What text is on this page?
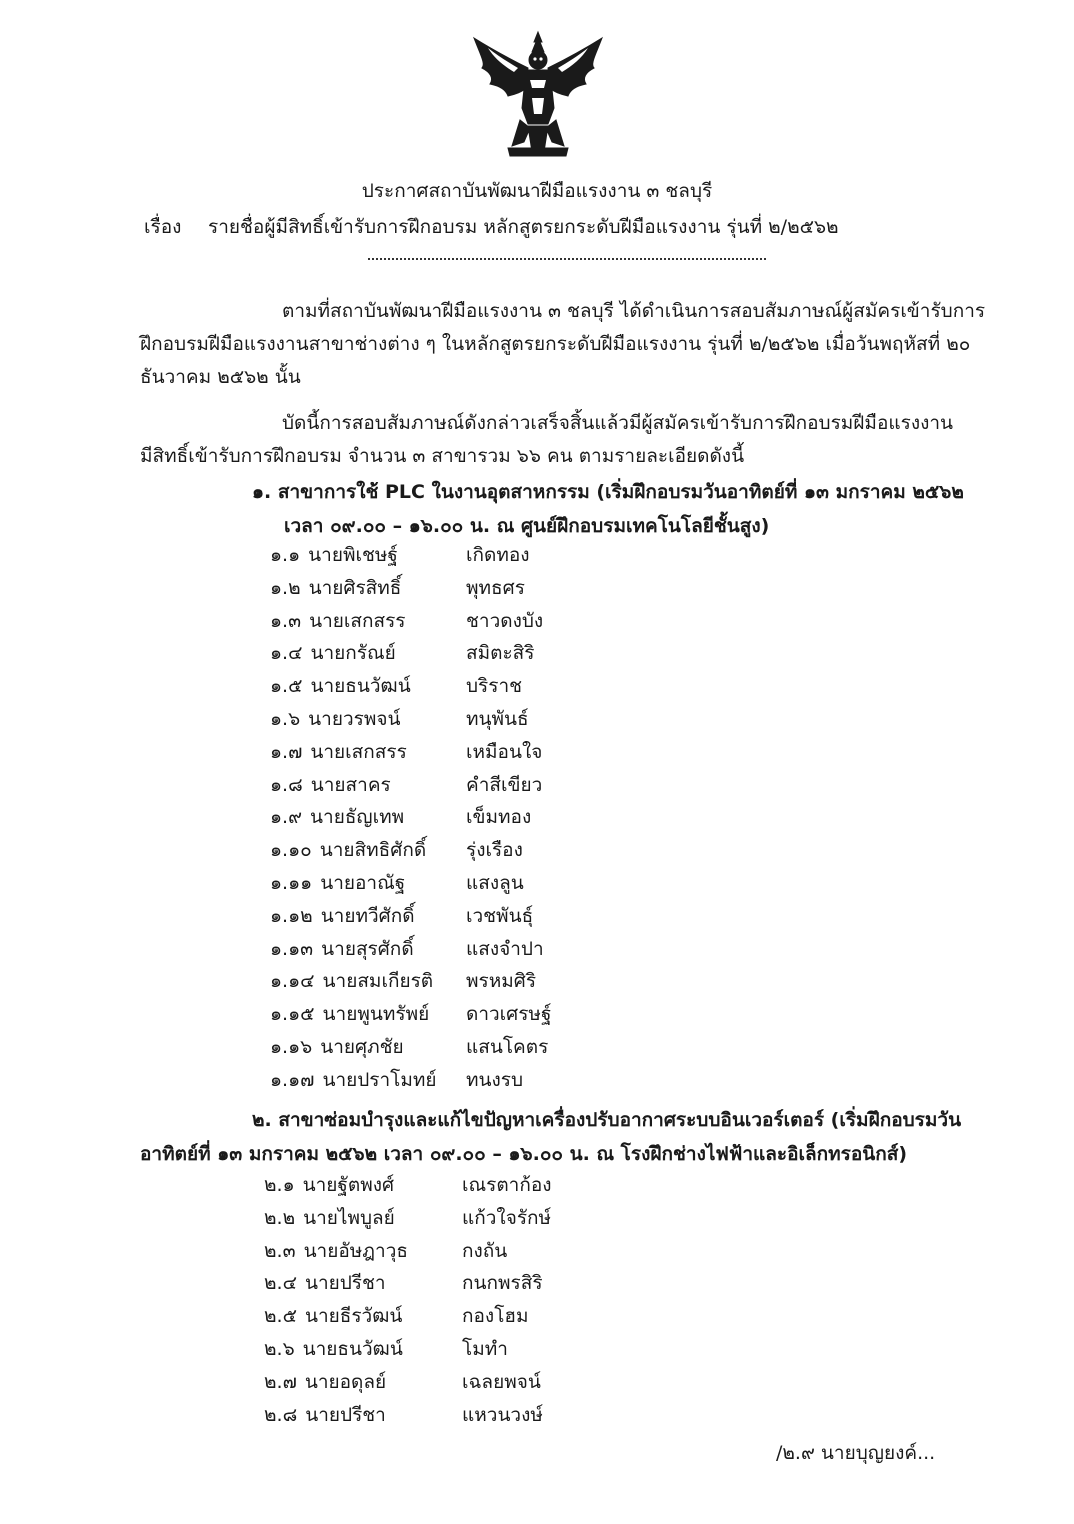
ประกาศสถาบันพัฒนาฝีมือแรงงาน ๓ ชลบุรี
เรื่อง รายชื่อผู้มีสิทธิ์เข้ารับการฝึกอบรม หลักสูตรยกระดับฝีมือแรงงาน รุ่นที่ ๒/๒๕๖๒
ตามที่สถาบันพัฒนาฝีมือแรงงาน ๓ ชลบุรี ได้ดำเนินการสอบสัมภาษณ์ผู้สมัครเข้ารับการ
ฝึกอบรมฝีมือแรงงานสาขาช่างต่าง ๆ ในหลักสูตรยกระดับฝีมือแรงงาน รุ่นที่ ๒/๒๕๖๒ เมื่อวันพฤหัสที่ ๒๐
ธันวาคม ๒๕๖๒ นั้น
บัดนี้การสอบสัมภาษณ์ดังกล่าวเสร็จสิ้นแล้วมีผู้สมัครเข้ารับการฝึกอบรมฝีมือแรงงาน
มีสิทธิ์เข้ารับการฝึกอบรม จำนวน ๓ สาขารวม ๖๖ คน ตามรายละเอียดดังนี้
๑. สาขาการใช้ PLC ในงานอุตสาหกรรม (เริ่มฝึกอบรมวันอาทิตย์ที่ ๑๓ มกราคม ๒๕๖๒
เวลา ๐๙.๐๐ – ๑๖.๐๐ น. ณ ศูนย์ฝึกอบรมเทคโนโลยีชั้นสูง)
๑.๑ นายพิเชษฐ์	เกิดทอง
๑.๒ นายศิรสิทธิ์	พุทธศร
๑.๓ นายเสกสรร	ชาวดงบัง
๑.๔ นายกรัณย์	สมิตะสิริ
๑.๕ นายธนวัฒน์	บริราช
๑.๖ นายวรพจน์	ทนุพันธ์
๑.๗ นายเสกสรร	เหมือนใจ
๑.๘ นายสาคร	คำสีเขียว
๑.๙ นายธัญเทพ	เข็มทอง
๑.๑๐ นายสิทธิศักดิ์ รุ่งเรือง
๑.๑๑ นายอาณัฐ	แสงลูน
๑.๑๒ นายทวีศักดิ์	เวชพันธุ์
๑.๑๓ นายสุรศักดิ์	แสงจำปา
๑.๑๔ นายสมเกียรติ พรหมศิริ
๑.๑๕ นายพูนทรัพย์ ดาวเศรษฐ์
๑.๑๖ นายศุภชัย	แสนโคตร
๑.๑๗ นายปราโมทย์ ทนงรบ
๒. สาขาซ่อมบำรุงและแก้ไขปัญหาเครื่องปรับอากาศระบบอินเวอร์เตอร์ (เริ่มฝึกอบรมวัน
อาทิตย์ที่ ๑๓ มกราคม ๒๕๖๒ เวลา ๐๙.๐๐ – ๑๖.๐๐ น. ณ โรงฝึกช่างไฟฟ้าและอิเล็กทรอนิกส์)
๒.๑ นายฐัตพงศ์	เณรตาก้อง
๒.๒ นายไพบูลย์	แก้วใจรักษ์
๒.๓ นายอัษฎาวุธ	กงถัน
๒.๔ นายปรีชา	กนกพรสิริ
๒.๕ นายธีรวัฒน์	กองโฮม
๒.๖ นายธนวัฒน์	โมทำ
๒.๗ นายอดุลย์	เฉลยพจน์
๒.๘ นายปรีชา	แหวนวงษ์
/๒.๙ นายบุญยงค์...
